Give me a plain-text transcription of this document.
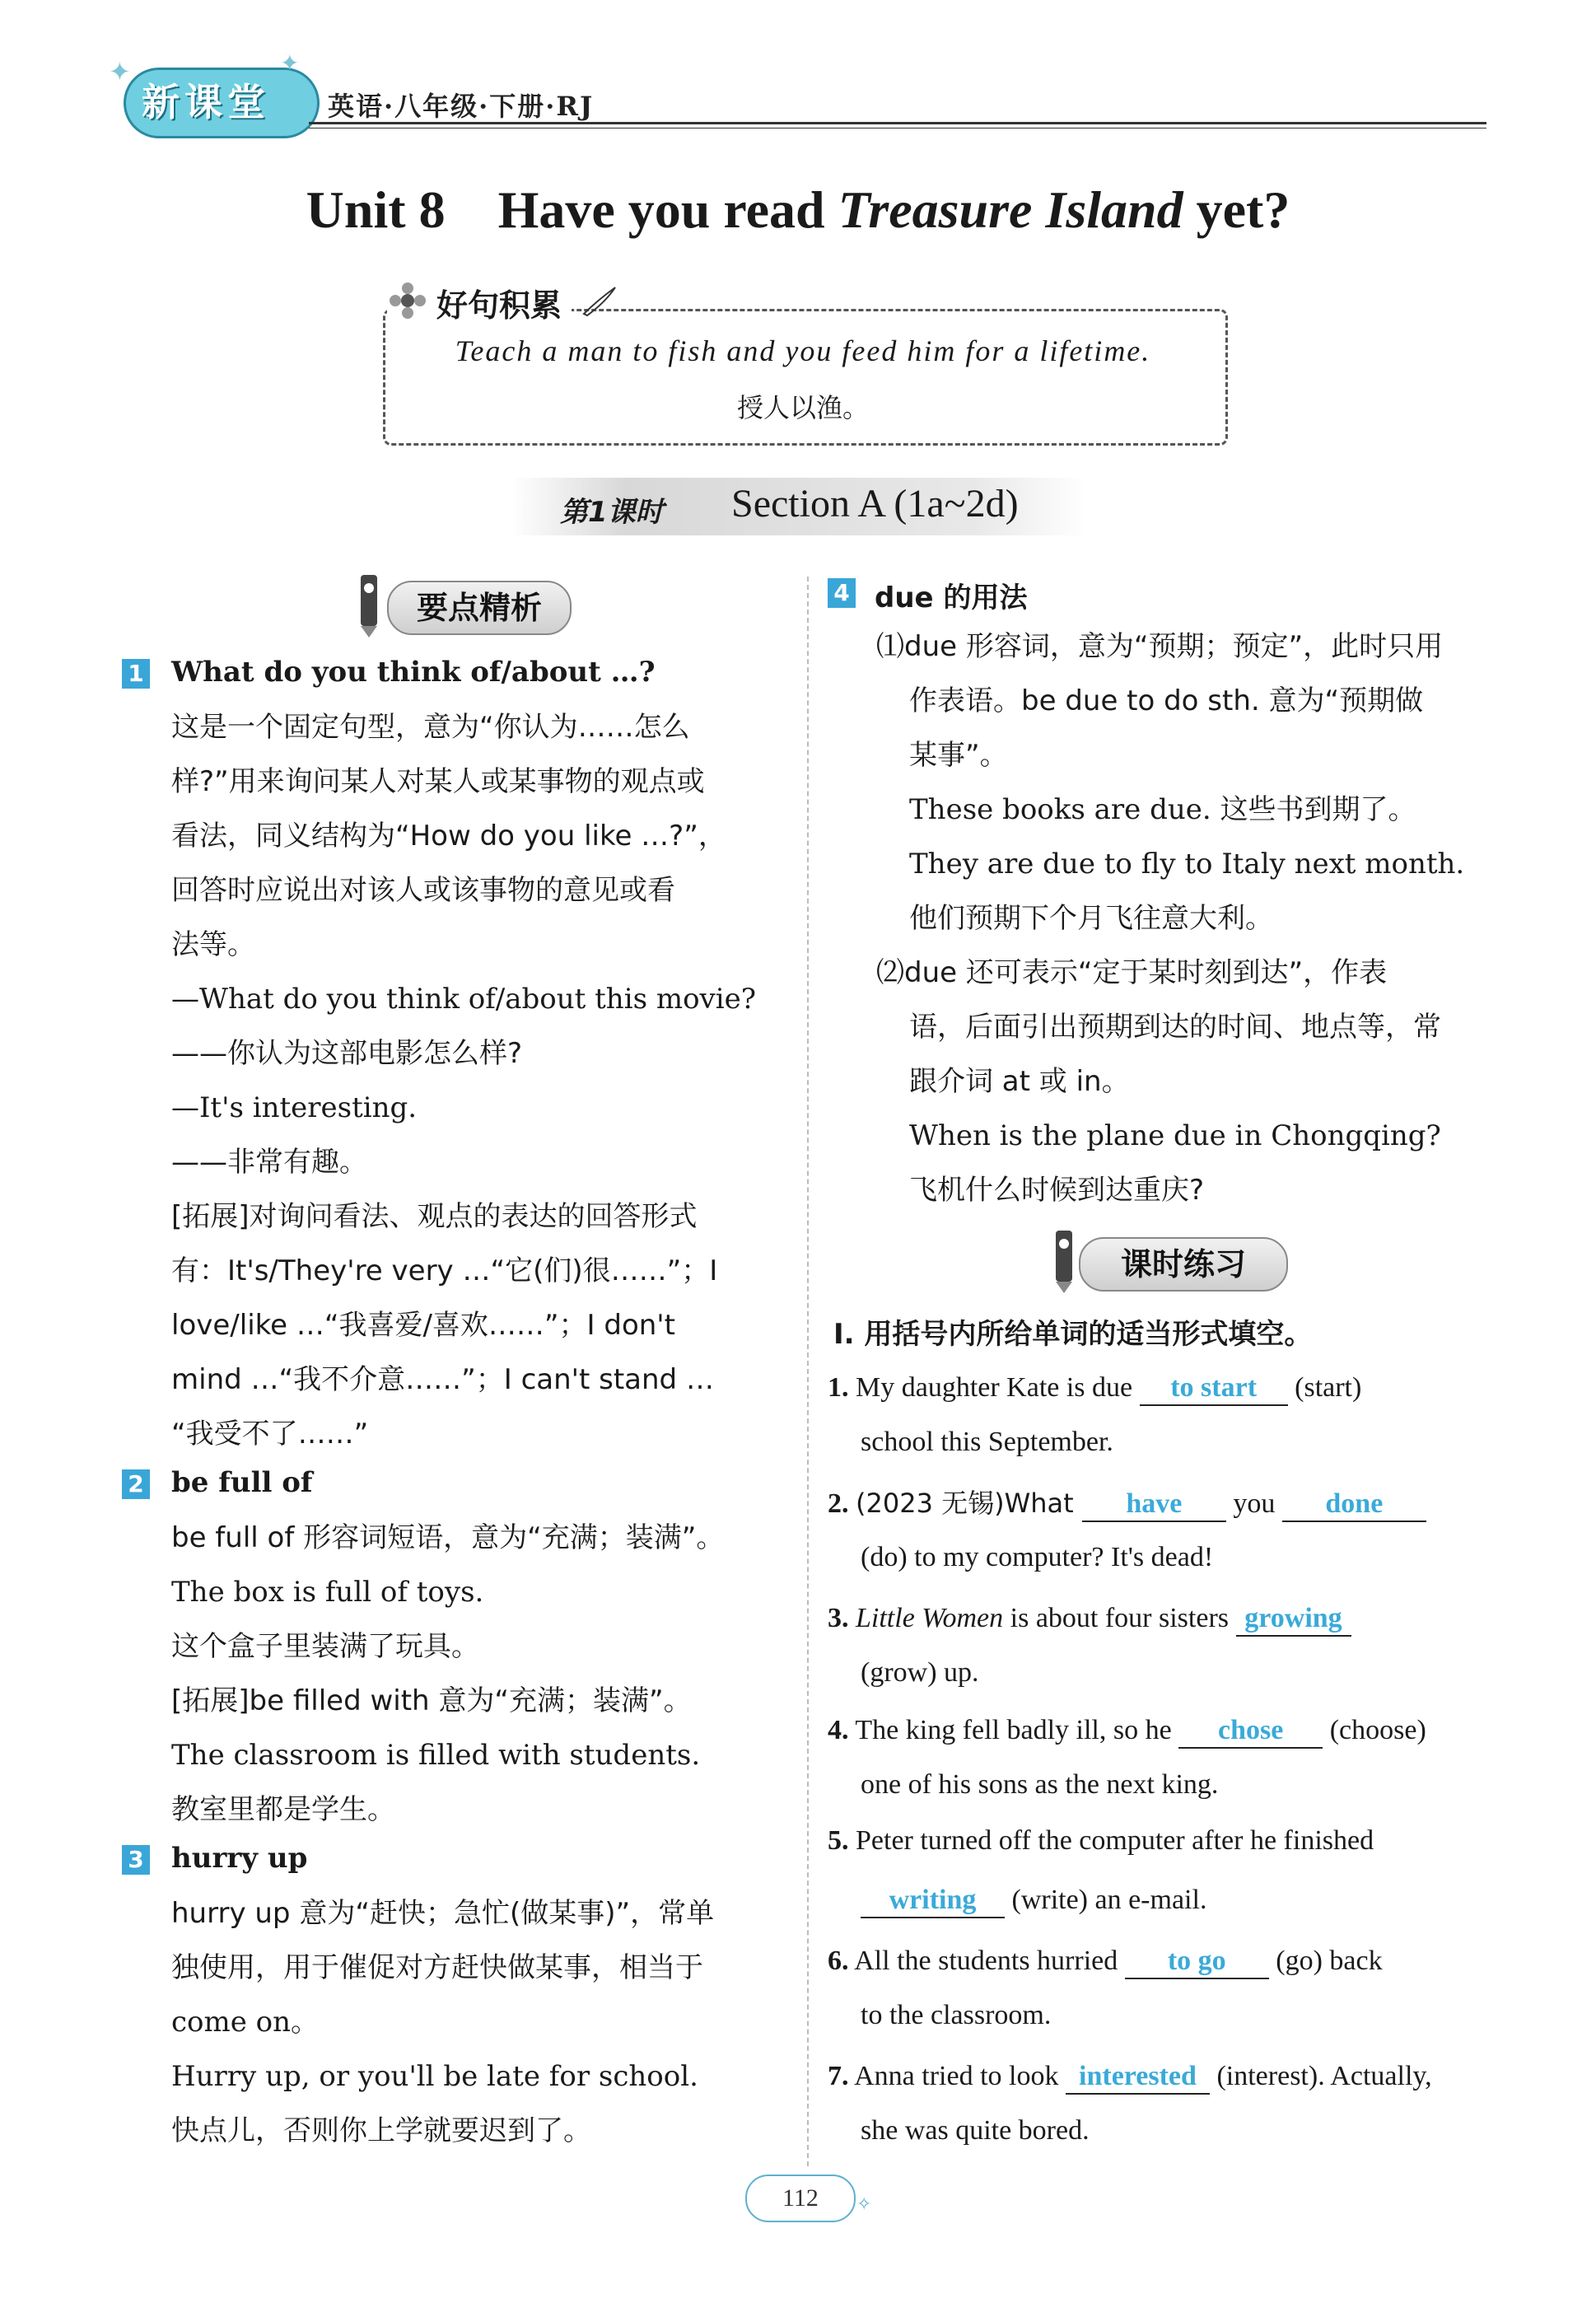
✦
新课堂
✦
英语·八年级·下册·RJ
Unit 8    Have you read Treasure Island yet?
好句积累
Teach a man to fish and you feed him for a lifetime.
授人以渔。
第1课时 Section A (1a~2d)
要点精析
1 What do you think of/about …?
这是一个固定句型，意为“你认为……怎么
样?”用来询问某人对某人或某事物的观点或
看法，同义结构为“How do you like …?”，
回答时应说出对该人或该事物的意见或看
法等。
—What do you think of/about this movie?
——你认为这部电影怎么样?
—It's interesting.
——非常有趣。
[拓展]对询问看法、观点的表达的回答形式
有：It's/They're very …“它(们)很……”；I
love/like …“我喜爱/喜欢……”；I don't
mind …“我不介意……”；I can't stand …
“我受不了……”
2 be full of
be full of 形容词短语，意为“充满；装满”。
The box is full of toys.
这个盒子里装满了玩具。
[拓展]be filled with 意为“充满；装满”。
The classroom is filled with students.
教室里都是学生。
3 hurry up
hurry up 意为“赶快；急忙(做某事)”，常单
独使用，用于催促对方赶快做某事，相当于
come on。
Hurry up, or you'll be late for school.
快点儿，否则你上学就要迟到了。
4 due 的用法
⑴due 形容词，意为“预期；预定”，此时只用
作表语。be due to do sth. 意为“预期做
某事”。
These books are due. 这些书到期了。
They are due to fly to Italy next month.
他们预期下个月飞往意大利。
⑵due 还可表示“定于某时刻到达”，作表
语，后面引出预期到达的时间、地点等，常
跟介词 at 或 in。
When is the plane due in Chongqing?
飞机什么时候到达重庆?
课时练习
Ⅰ. 用括号内所给单词的适当形式填空。
1. My daughter Kate is due to start (start)
school this September.
2. (2023 无锡)What have you done
(do) to my computer? It's dead!
3. Little Women is about four sisters growing
(grow) up.
4. The king fell badly ill, so he chose (choose)
one of his sons as the next king.
5. Peter turned off the computer after he finished
writing (write) an e-mail.
6. All the students hurried to go (go) back
to the classroom.
7. Anna tried to look interested (interest). Actually,
she was quite bored.
112	✧
